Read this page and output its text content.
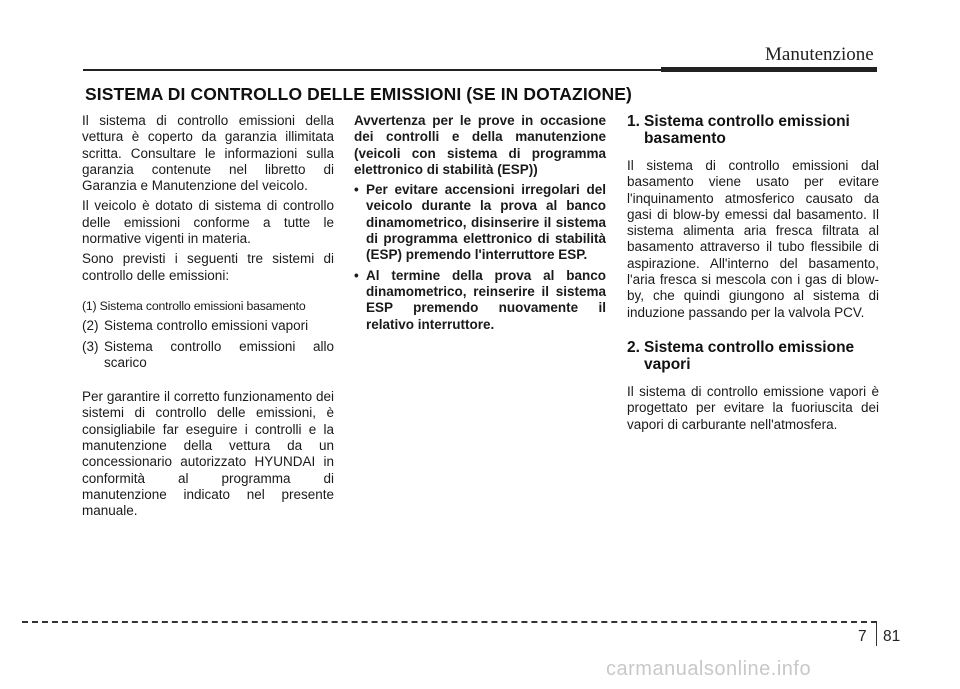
Manutenzione
SISTEMA DI CONTROLLO DELLE EMISSIONI (SE IN DOTAZIONE)

Il sistema di controllo emissioni della vettura è coperto da garanzia illimitata scritta. Consultare le informazioni sulla garanzia contenute nel libretto di Garanzia e Manutenzione del veicolo.

Il veicolo è dotato di sistema di controllo delle emissioni conforme a tutte le normative vigenti in materia.

Sono previsti i seguenti tre sistemi di controllo delle emissioni:

(1) Sistema controllo emissioni basamento
(2) Sistema controllo emissioni vapori
(3) Sistema controllo emissioni allo scarico

Per garantire il corretto funzionamento dei sistemi di controllo delle emissioni, è consigliabile far eseguire i controlli e la manutenzione della vettura da un concessionario autorizzato HYUNDAI in conformità al programma di manutenzione indicato nel presente manuale.

Avvertenza per le prove in occasione dei controlli e della manutenzione (veicoli con sistema di programma elettronico di stabilità (ESP))

• Per evitare accensioni irregolari del veicolo durante la prova al banco dinamometrico, disinserire il sistema di programma elettronico di stabilità (ESP) premendo l'interruttore ESP.
• Al termine della prova al banco dinamometrico, reinserire il sistema ESP premendo nuovamente il relativo interruttore.
1. Sistema controllo emissioni basamento

Il sistema di controllo emissioni dal basamento viene usato per evitare l'inquinamento atmosferico causato da gasi di blow-by emessi dal basamento. Il sistema alimenta aria fresca filtrata al basamento attraverso il tubo flessibile di aspirazione. All'interno del basamento, l'aria fresca si mescola con i gas di blow-by, che quindi giungono al sistema di induzione passando per la valvola PCV.

2. Sistema controllo emissione vapori

Il sistema di controllo emissione vapori è progettato per evitare la fuoriuscita dei vapori di carburante nell'atmosfera.

7 81
carmanualsonline.info
